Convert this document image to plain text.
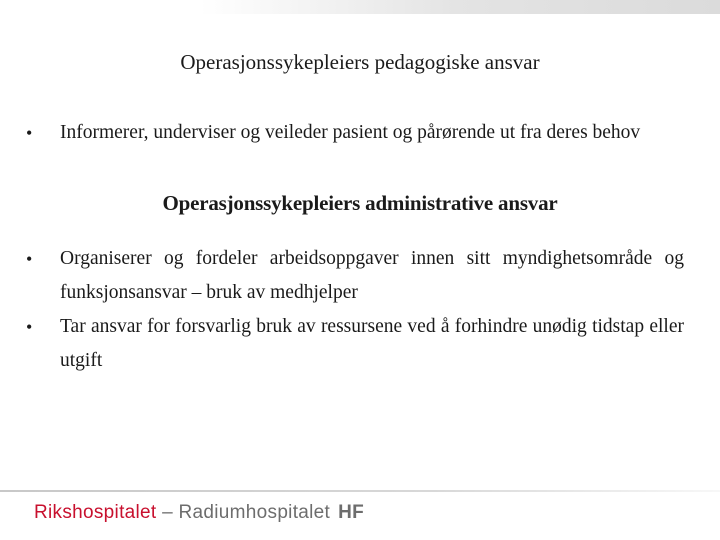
Operasjonssykepleiers pedagogiske ansvar
• Informerer, underviser og veileder pasient og pårørende ut fra deres behov
Operasjonssykepleiers administrative ansvar
• Organiserer og fordeler arbeidsoppgaver innen sitt myndighetsområde og funksjonsansvar – bruk av medhjelper
• Tar ansvar for forsvarlig bruk av ressursene ved å forhindre unødig tidstap eller utgift
Rikshospitalet – Radiumhospitalet HF
